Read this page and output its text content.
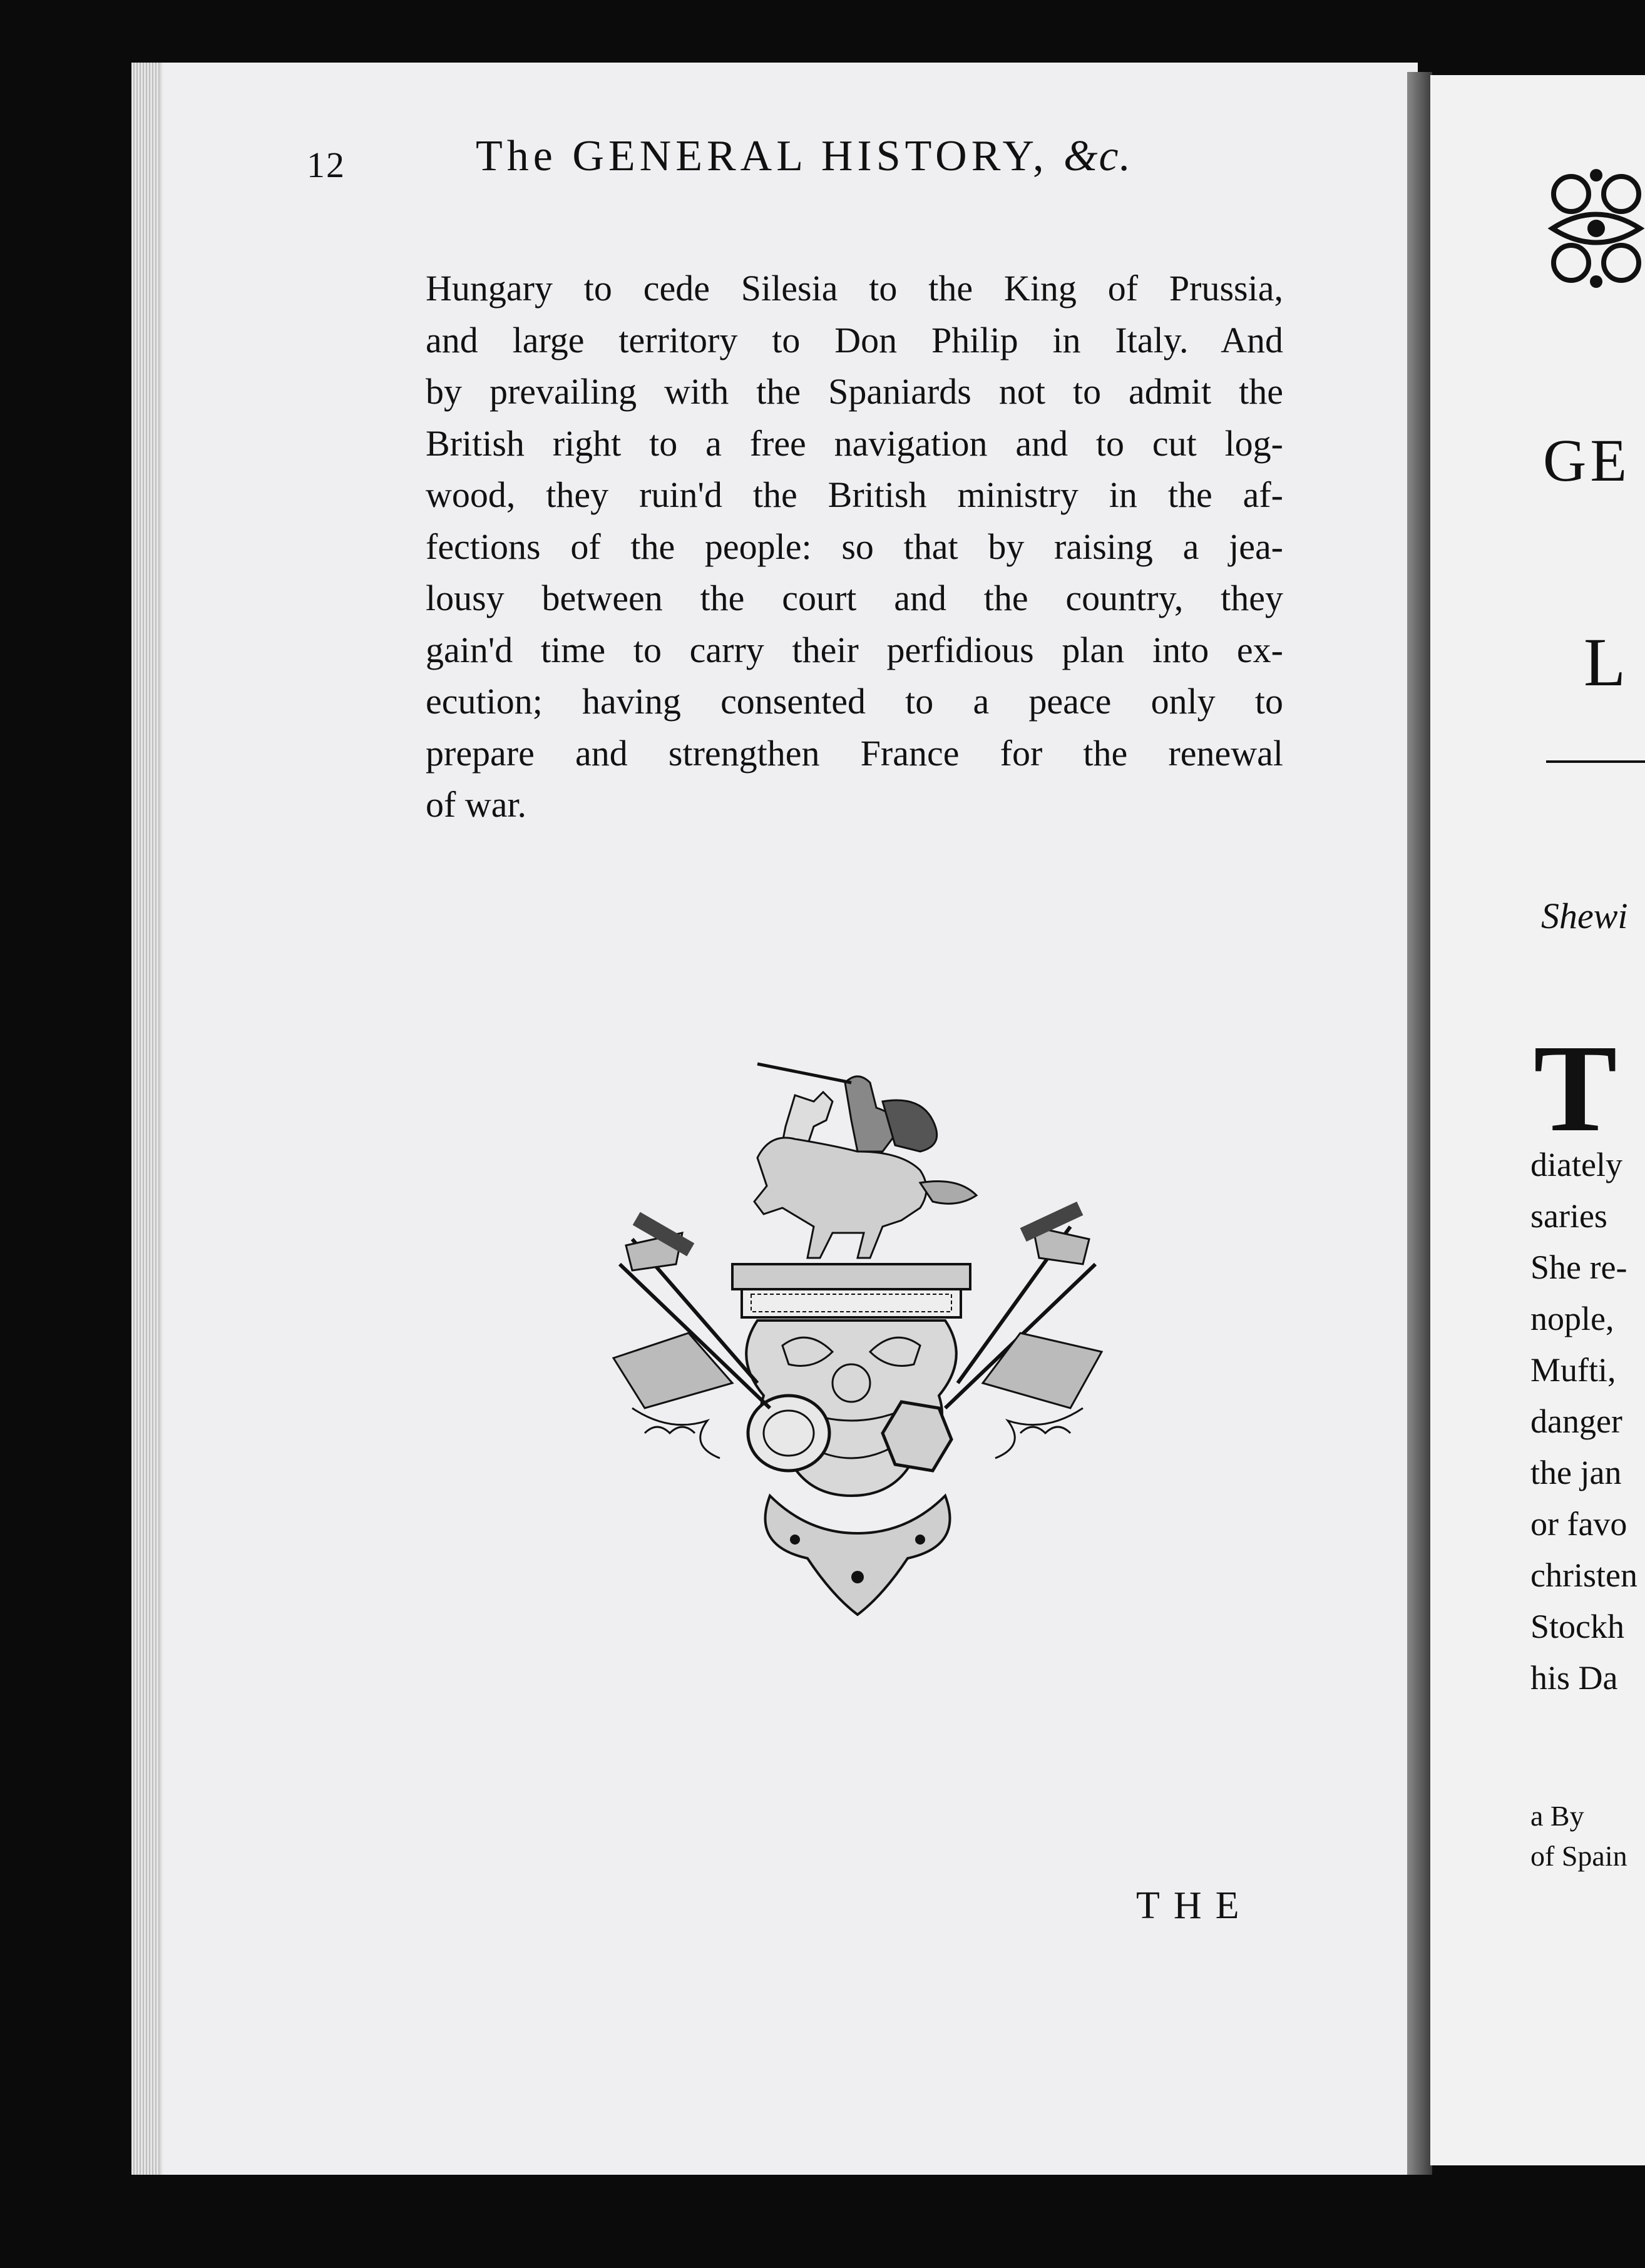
12	The GENERAL HISTORY, &c.
Hungary to cede Silesia to the King of Prussia,
and large territory to Don Philip in Italy. And
by prevailing with the Spaniards not to admit the
British right to a free navigation and to cut log-
wood, they ruin'd the British ministry in the af-
fections of the people: so that by raising a jea-
lousy between the court and the country, they
gain'd time to carry their perfidious plan into ex-
ecution; having consented to a peace only to
prepare and strengthen France for the renewal
of war.
THE
GE
L
Shewi
T
diately
saries
She re-
nople,
Mufti,
danger
the jan
or favo
christen
Stockh
his Da
a By
of Spain
